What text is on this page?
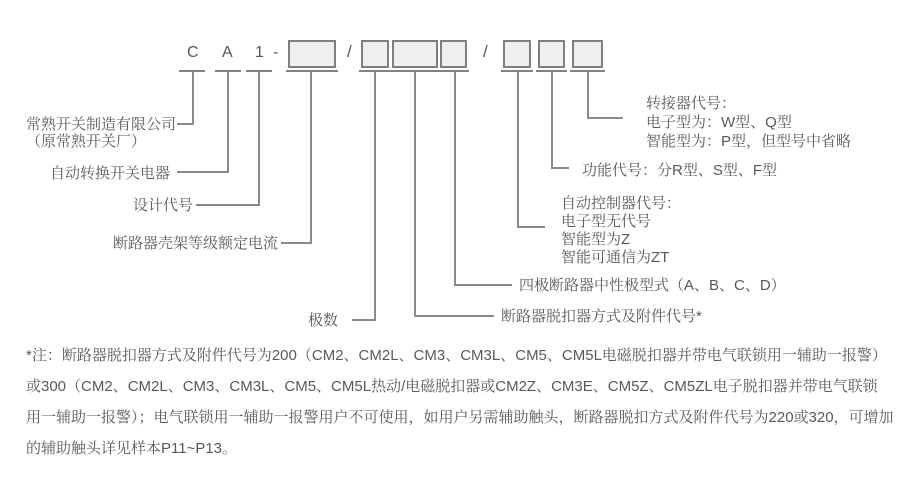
C A 1 -	/	/
常熟开关制造有限公司
（原常熟开关厂）
自动转换开关电器
设计代号
断路器壳架等级额定电流
极数
转接器代号：
电子型为：W型、Q型
智能型为：P型，但型号中省略
功能代号：分R型、S型、F型
自动控制器代号：
电子型无代号
智能型为Z
智能可通信为ZT
四极断路器中性极型式（A、B、C、D）
断路器脱扣器方式及附件代号*
*注：断路器脱扣器方式及附件代号为200（CM2、CM2L、CM3、CM3L、CM5、CM5L电磁脱扣器并带电气联锁用一辅助一报警）
或300（CM2、CM2L、CM3、CM3L、CM5、CM5L热动/电磁脱扣器或CM2Z、CM3E、CM5Z、CM5ZL电子脱扣器并带电气联锁
用一辅助一报警）；电气联锁用一辅助一报警用户不可使用，如用户另需辅助触头，断路器脱扣方式及附件代号为220或320，可增加
的辅助触头详见样本P11~P13。
